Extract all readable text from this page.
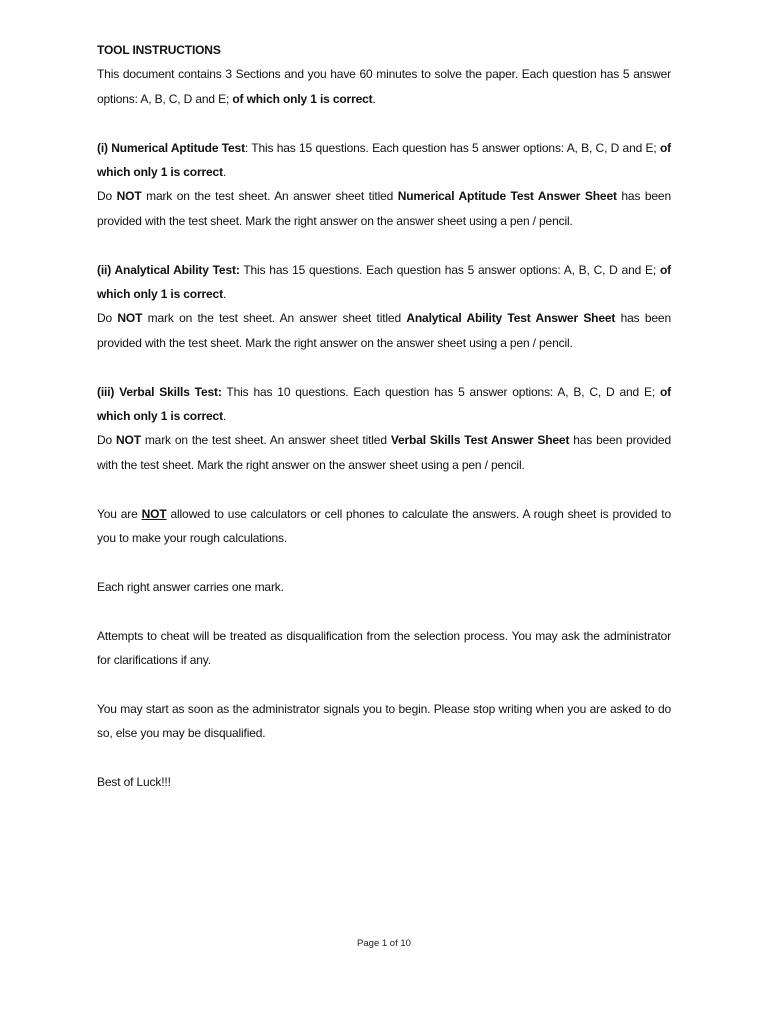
TOOL INSTRUCTIONS

This document contains 3 Sections and you have 60 minutes to solve the paper. Each question has 5 answer options: A, B, C, D and E; of which only 1 is correct.

(i) Numerical Aptitude Test: This has 15 questions. Each question has 5 answer options: A, B, C, D and E; of which only 1 is correct.

Do NOT mark on the test sheet. An answer sheet titled Numerical Aptitude Test Answer Sheet has been provided with the test sheet. Mark the right answer on the answer sheet using a pen / pencil.

(ii) Analytical Ability Test: This has 15 questions. Each question has 5 answer options: A, B, C, D and E; of which only 1 is correct.

Do NOT mark on the test sheet. An answer sheet titled Analytical Ability Test Answer Sheet has been provided with the test sheet. Mark the right answer on the answer sheet using a pen / pencil.

(iii) Verbal Skills Test: This has 10 questions. Each question has 5 answer options: A, B, C, D and E; of which only 1 is correct.

Do NOT mark on the test sheet. An answer sheet titled Verbal Skills Test Answer Sheet has been provided with the test sheet. Mark the right answer on the answer sheet using a pen / pencil.

You are NOT allowed to use calculators or cell phones to calculate the answers. A rough sheet is provided to you to make your rough calculations.

Each right answer carries one mark.

Attempts to cheat will be treated as disqualification from the selection process. You may ask the administrator for clarifications if any.

You may start as soon as the administrator signals you to begin. Please stop writing when you are asked to do so, else you may be disqualified.

Best of Luck!!!

Page 1 of 10
